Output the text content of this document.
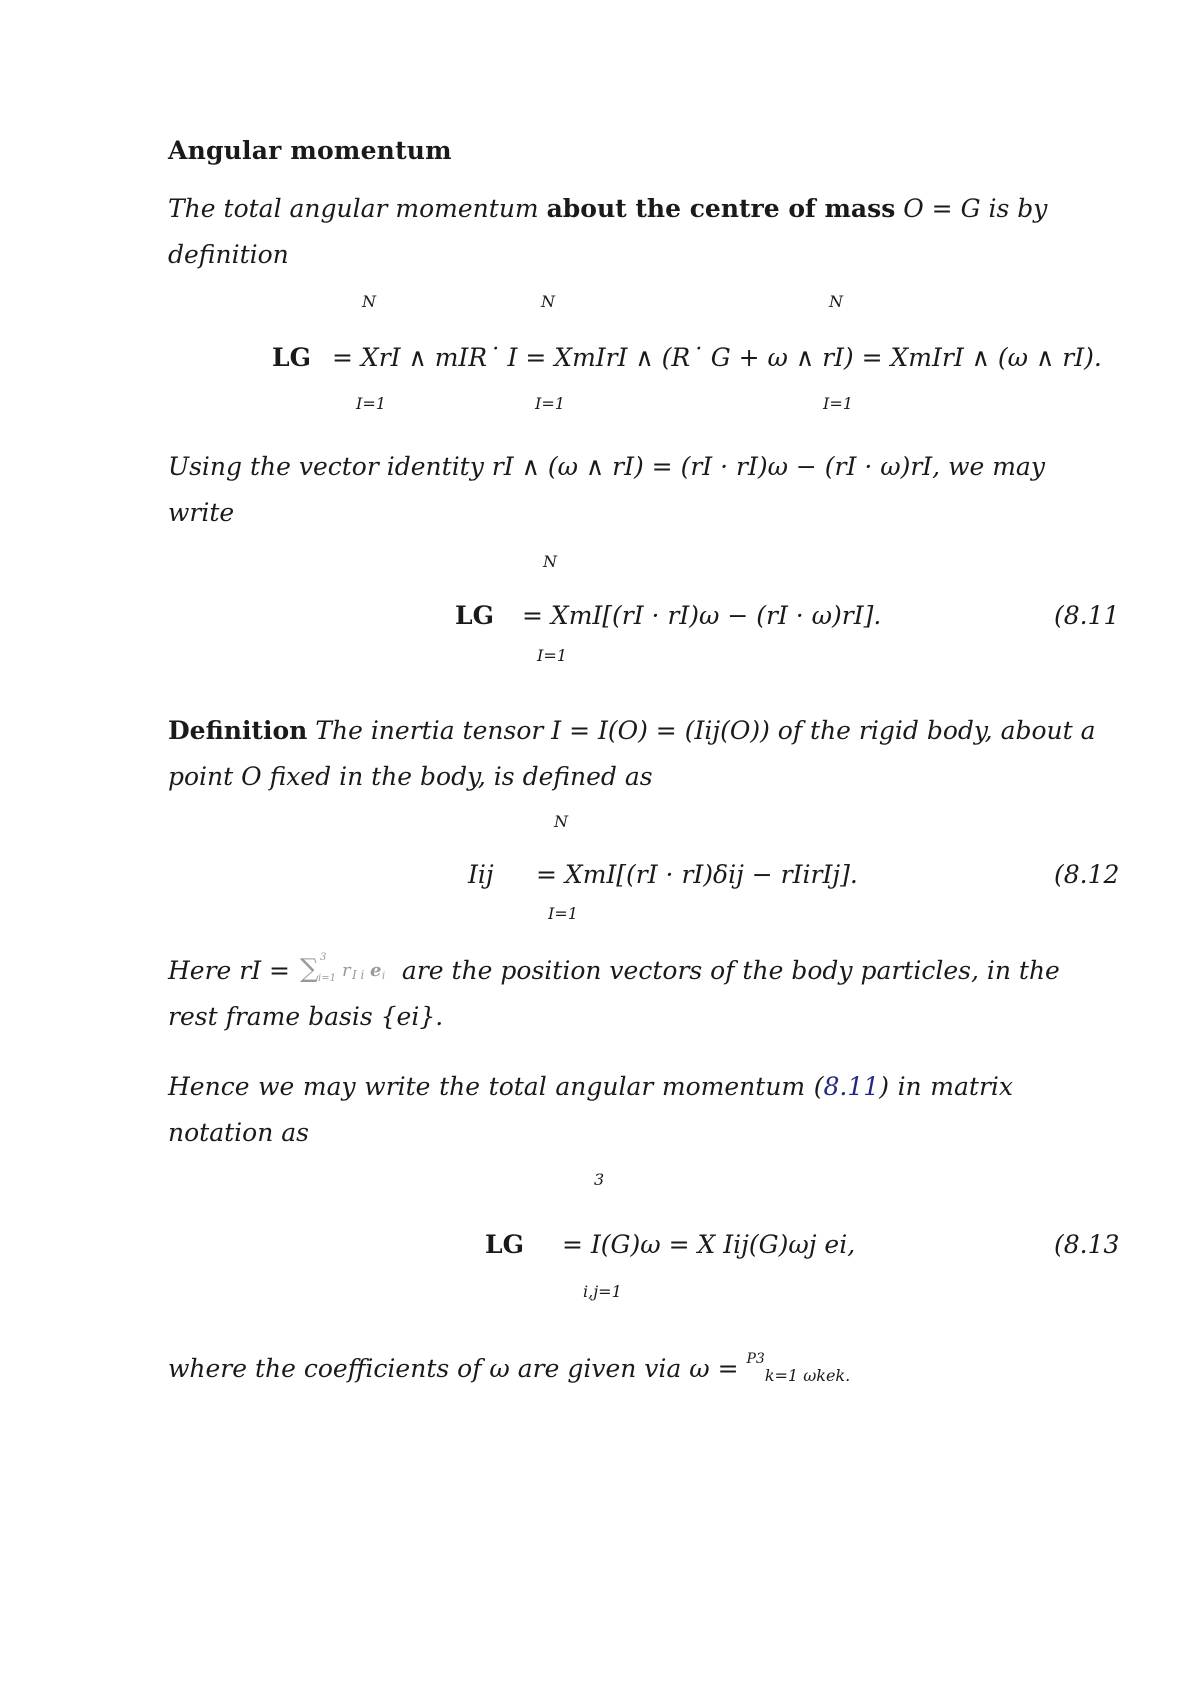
Angular momentum
The total angular momentum about the centre of mass O = G is by
definition
N	N	N
LG = XrI ∧ mIR˙ I = XmIrI ∧ (R˙ G + ω ∧ rI) = XmIrI ∧ (ω ∧ rI).
I=1	I=1	I=1
Using the vector identity rI ∧ (ω ∧ rI) = (rI · rI)ω − (rI · ω)rI, we may
write
N
LG = XmI[(rI · rI)ω − (rI · ω)rI].	(8.11
I=1
Definition The inertia tensor I = I(O) = (Iij(O)) of the rigid body, about a
point O fixed in the body, is defined as
N
Iij = XmI[(rI · rI)δij − rIirIj].	(8.12
I=1
Here rI = ∑ 3
i=1 r I i e i are the position vectors of the body particles, in the
rest frame basis {ei}.
Hence we may write the total angular momentum (8.11) in matrix
notation as
3
LG = I(G)ω = X Iij(G)ωj ei,	(8.13
i,j=1
where the coefficients of ω are given via ω = $^{P3}$k=1 ωkek.
